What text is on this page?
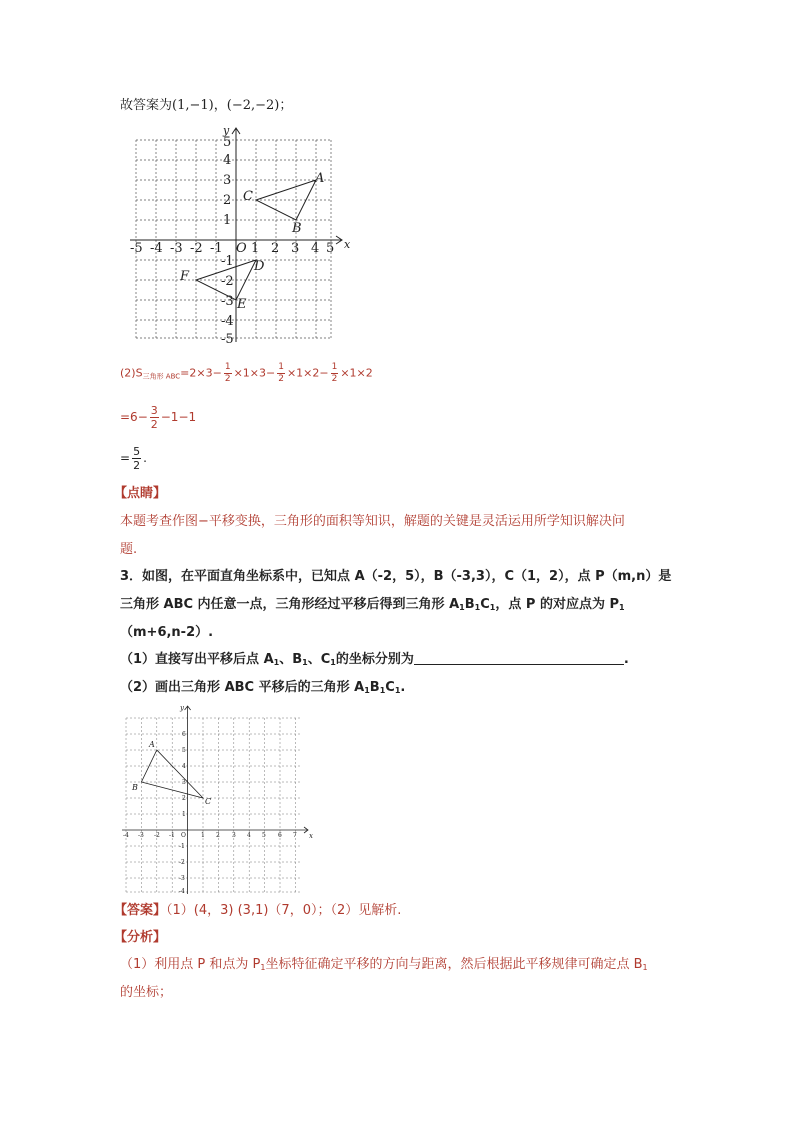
故答案为(1,−1)，(−2,−2)；
x
y
O
-5 -4 -3 -2 -1 1 2 3 4 5
1
2
3
4
5
-1
-2
-3
-4
-5
A
B
C
D
E
F
$(2)S_{三角形 ABC}=2\times 3- \frac{1}{2} \times 1\times 3- \frac{1}{2} \times 1\times 2- \frac{1}{2} \times 1\times 2$
$=6- \frac{3}{2} -1-1$
= $\frac{5}{2}$ .
【点睛】
本题考查作图−平移变换，三角形的面积等知识，解题的关键是灵活运用所学知识解决问
题.
3．如图，在平面直角坐标系中，已知点 A（-2，5），B（-3,3），C（1，2），点 P（m,n）是
三角形 ABC 内任意一点，三角形经过平移后得到三角形 $A_1B_1C_1$，点 P 的对应点为 $P_1$
（m+6,n-2）.
（1）直接写出平移后点 $A_1$、$B_1$、$C_1$的坐标分别为	.
（2）画出三角形 ABC 平移后的三角形 $A_1B_1C_1$.
x
y
O
-4 -3 -2 -1	1 2 3 4 5 6 7
6
5
4
3
2
1
-1
-2
-3
-4
A
B
C
【答案】（1）(4，3) (3,1)（7，0）；（2）见解析.
【分析】
（1）利用点 P 和点为 $P_1$坐标特征确定平移的方向与距离，然后根据此平移规律可确定点 $B_1$
的坐标；
